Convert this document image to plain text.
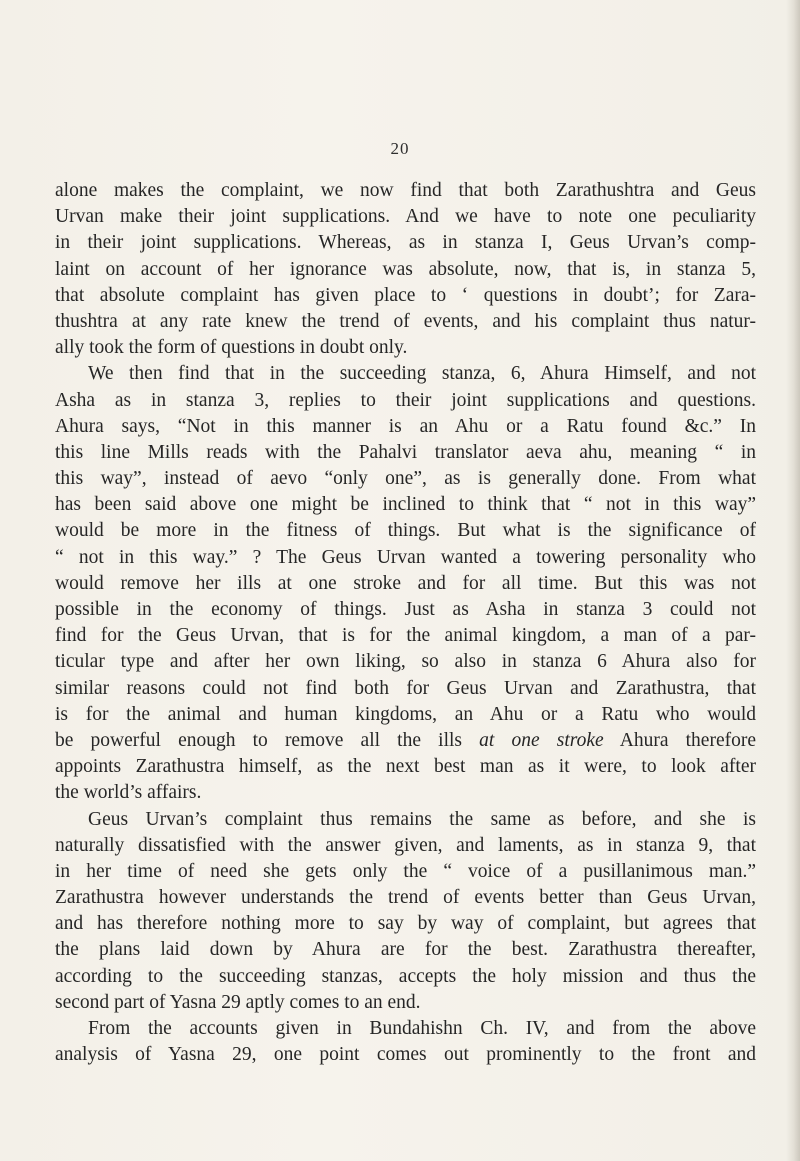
20
alone makes the complaint, we now find that both Zarathushtra and Geus
Urvan make their joint supplications. And we have to note one peculiarity
in their joint supplications. Whereas, as in stanza I, Geus Urvan’s comp-
laint on account of her ignorance was absolute, now, that is, in stanza 5,
that absolute complaint has given place to ‘ questions in doubt’; for Zara-
thushtra at any rate knew the trend of events, and his complaint thus natur-
ally took the form of questions in doubt only.
We then find that in the succeeding stanza, 6, Ahura Himself, and not
Asha as in stanza 3, replies to their joint supplications and questions.
Ahura says, “Not in this manner is an Ahu or a Ratu found &c.” In
this line Mills reads with the Pahalvi translator aeva ahu, meaning “ in
this way”, instead of aevo “only one”, as is generally done. From what
has been said above one might be inclined to think that “ not in this way”
would be more in the fitness of things. But what is the significance of
“ not in this way.” ? The Geus Urvan wanted a towering personality who
would remove her ills at one stroke and for all time. But this was not
possible in the economy of things. Just as Asha in stanza 3 could not
find for the Geus Urvan, that is for the animal kingdom, a man of a par-
ticular type and after her own liking, so also in stanza 6 Ahura also for
similar reasons could not find both for Geus Urvan and Zarathustra, that
is for the animal and human kingdoms, an Ahu or a Ratu who would
be powerful enough to remove all the ills at one stroke Ahura therefore
appoints Zarathustra himself, as the next best man as it were, to look after
the world’s affairs.
Geus Urvan’s complaint thus remains the same as before, and she is
naturally dissatisfied with the answer given, and laments, as in stanza 9, that
in her time of need she gets only the “ voice of a pusillanimous man.”
Zarathustra however understands the trend of events better than Geus Urvan,
and has therefore nothing more to say by way of complaint, but agrees that
the plans laid down by Ahura are for the best. Zarathustra thereafter,
according to the succeeding stanzas, accepts the holy mission and thus the
second part of Yasna 29 aptly comes to an end.
From the accounts given in Bundahishn Ch. IV, and from the above
analysis of Yasna 29, one point comes out prominently to the front and
